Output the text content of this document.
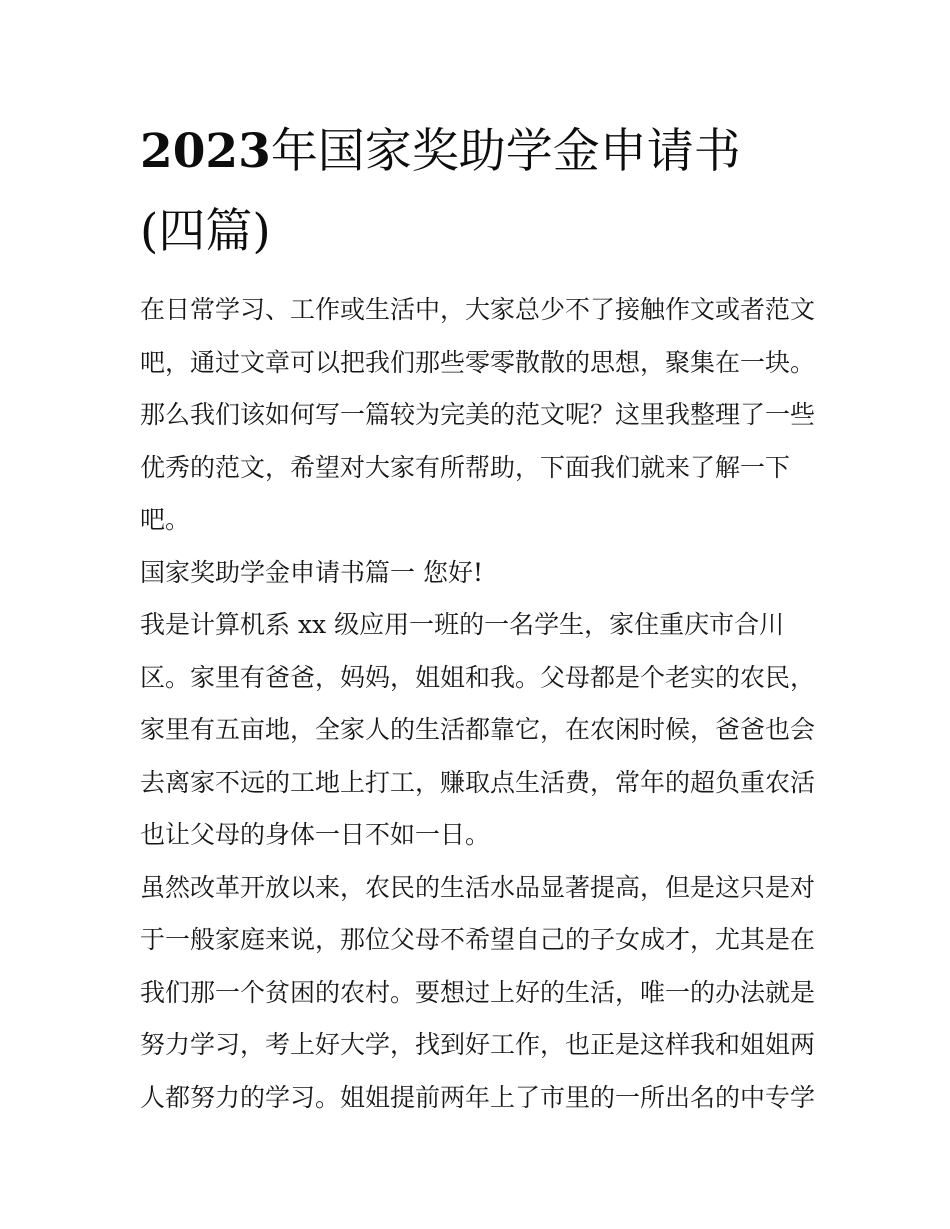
2023年国家奖助学金申请书
(四篇)

在日常学习、工作或生活中，大家总少不了接触作文或者范文
吧，通过文章可以把我们那些零零散散的思想，聚集在一块。
那么我们该如何写一篇较为完美的范文呢？这里我整理了一些
优秀的范文，希望对大家有所帮助，下面我们就来了解一下
吧。

国家奖助学金申请书篇一 您好!

我是计算机系 xx 级应用一班的一名学生，家住重庆市合川
区。家里有爸爸，妈妈，姐姐和我。父母都是个老实的农民，
家里有五亩地，全家人的生活都靠它，在农闲时候，爸爸也会
去离家不远的工地上打工，赚取点生活费，常年的超负重农活
也让父母的身体一日不如一日。

虽然改革开放以来，农民的生活水品显著提高，但是这只是对
于一般家庭来说，那位父母不希望自己的子女成才，尤其是在
我们那一个贫困的农村。要想过上好的生活，唯一的办法就是
努力学习，考上好大学，找到好工作，也正是这样我和姐姐两
人都努力的学习。姐姐提前两年上了市里的一所出名的中专学
